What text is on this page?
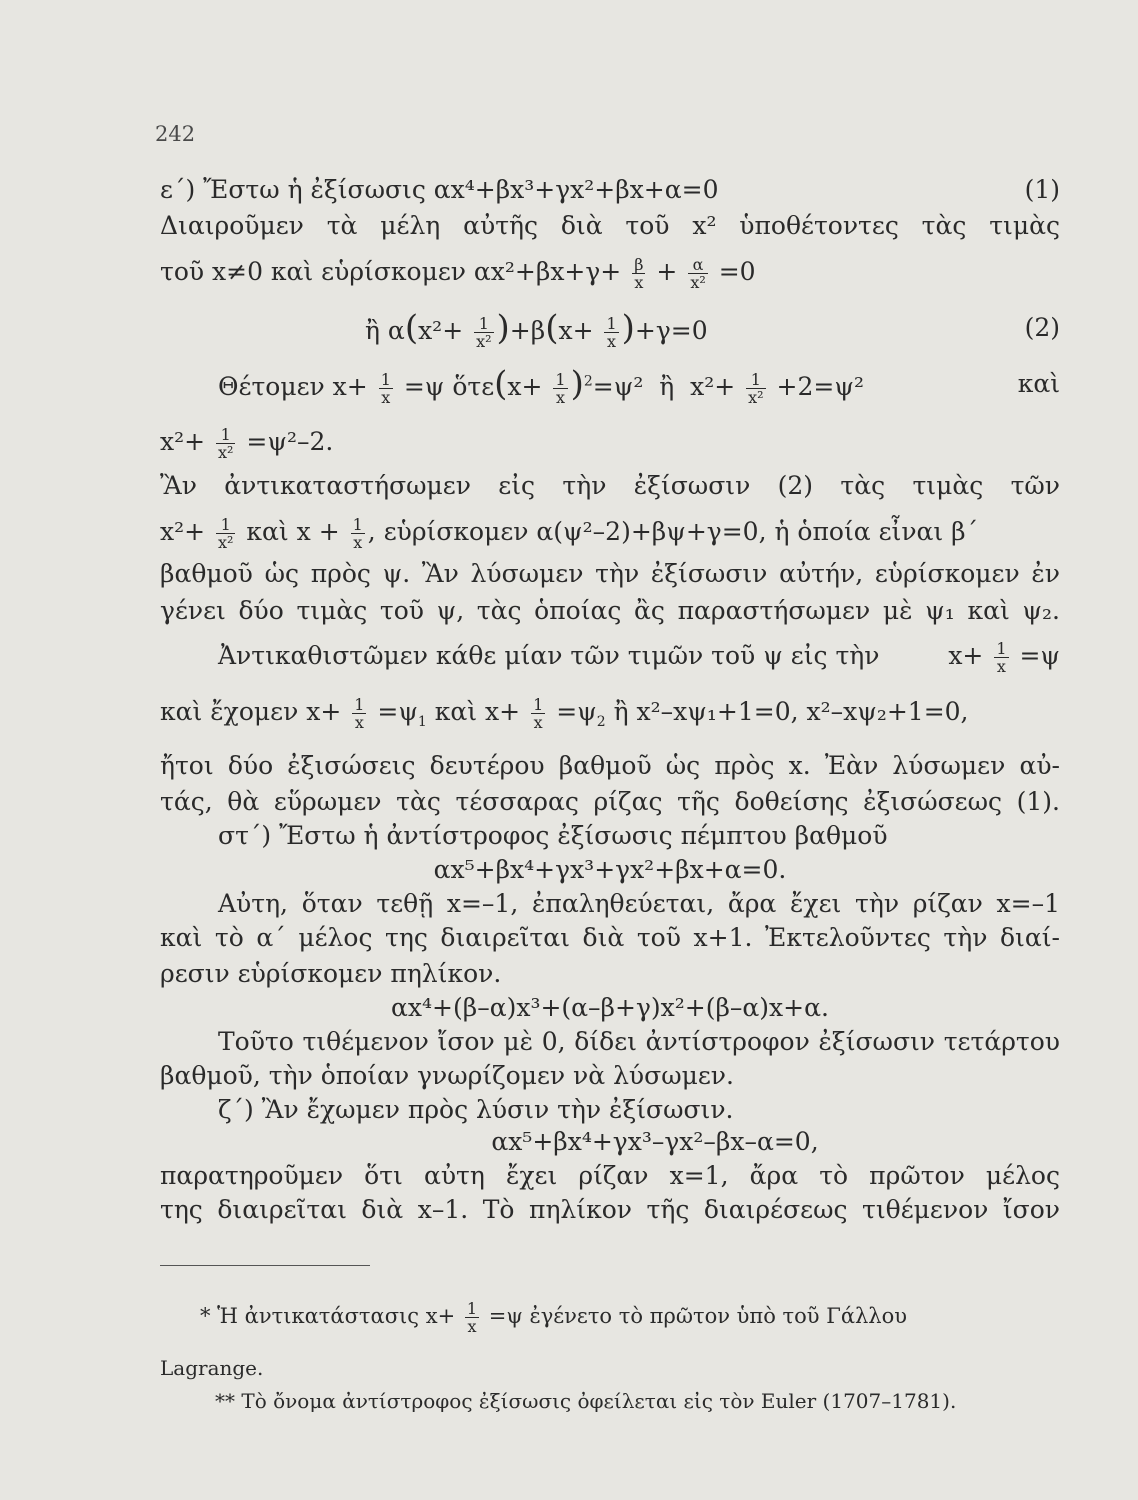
242
ε΄) Ἔστω ἡ ἐξίσωσις αx⁴+βx³+γx²+βx+α=0	(1)
Διαιροῦμεν τὰ μέλη αὐτῆς διὰ τοῦ x² ὑποθέτοντες τὰς τιμὰς
τοῦ x≠0 καὶ εὑρίσκομεν $\alpha x^2+\beta x+\gamma+ \frac{\beta}{x} + \frac{\alpha}{\text{x²}} =0$
ἢ $\alpha(x^2+ \frac{1}{\text{x²}} )+\beta(x+ \frac{1}{x} )+\gamma=0$	(2)
Θέτομεν $x+ \frac{1}{x} =\psi$ ὅτε(x+ $\frac{1}{x} )^2=\psi^2$  ἢ  $x^2+ \frac{1}{\text{x²}} +2=\psi^2$	καὶ
$x^2+ \frac{1}{\text{x²}} =\psi^2-2$.
Ἂν ἀντικαταστήσωμεν εἰς τὴν ἐξίσωσιν (2) τὰς τιμὰς τῶν
$x^2+ \frac{1}{\text{x²}}$ καὶ $x + \frac{1}{x}$ , εὑρίσκομεν α(ψ²–2)+βψ+γ=0, ἡ ὁποία εἶναι β΄
βαθμοῦ ὡς πρὸς ψ. Ἂν λύσωμεν τὴν ἐξίσωσιν αὐτήν, εὑρίσκομεν ἐν
γένει δύο τιμὰς τοῦ ψ, τὰς ὁποίας ἂς παραστήσωμεν μὲ ψ₁ καὶ ψ₂.
Ἀντικαθιστῶμεν κάθε μίαν τῶν τιμῶν τοῦ ψ εἰς τὴν	$x+ \frac{1}{x} =\psi$
καὶ ἔχομεν $x+ \frac{1}{x} =\psi_1$ καὶ $x+ \frac{1}{x} =\psi_2$ ἢ x²–xψ₁+1=0, x²–xψ₂+1=0,
ἤτοι δύο ἐξισώσεις δευτέρου βαθμοῦ ὡς πρὸς x. Ἐὰν λύσωμεν αὐ-
τάς, θὰ εὕρωμεν τὰς τέσσαρας ρίζας τῆς δοθείσης ἐξισώσεως (1).
στ΄) Ἔστω ἡ ἀντίστροφος ἐξίσωσις πέμπτου βαθμοῦ
αx⁵+βx⁴+γx³+γx²+βx+α=0.
Αὐτη, ὅταν τεθῇ x=–1, ἐπαληθεύεται, ἄρα ἔχει τὴν ρίζαν x=–1
καὶ τὸ α΄ μέλος της διαιρεῖται διὰ τοῦ x+1. Ἐκτελοῦντες τὴν διαί-
ρεσιν εὑρίσκομεν πηλίκον.
αx⁴+(β–α)x³+(α–β+γ)x²+(β–α)x+α.
Τοῦτο τιθέμενον ἴσον μὲ 0, δίδει ἀντίστροφον ἐξίσωσιν τετάρτου
βαθμοῦ, τὴν ὁποίαν γνωρίζομεν νὰ λύσωμεν.
ζ΄) Ἂν ἔχωμεν πρὸς λύσιν τὴν ἐξίσωσιν.
αx⁵+βx⁴+γx³–γx²–βx–α=0,
παρατηροῦμεν ὅτι αὐτη ἔχει ρίζαν x=1, ἄρα τὸ πρῶτον μέλος
της διαιρεῖται διὰ x–1. Τὸ πηλίκον τῆς διαιρέσεως τιθέμενον ἴσον
* Ἡ ἀντικατάστασις $x+ \frac{1}{x} =\psi$ ἐγένετο τὸ πρῶτον ὑπὸ τοῦ Γάλλου
Lagrange.
** Τὸ ὄνομα ἀντίστροφος ἐξίσωσις ὀφείλεται εἰς τὸν Euler (1707–1781).
